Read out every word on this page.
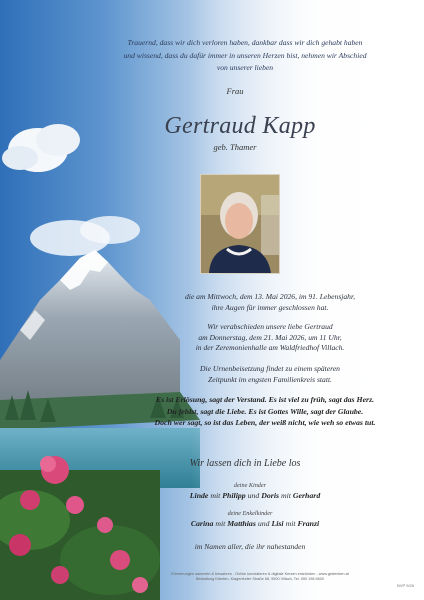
Trauernd, dass wir dich verloren haben, dankbar dass wir dich gehabt haben
und wissend, dass du dafür immer in unseren Herzen bist, nehmen wir Abschied
von unserer lieben
Frau
Gertraud Kapp
geb. Thamer
die am Mittwoch, dem 13. Mai 2026, im 91. Lebensjahr,
ihre Augen für immer geschlossen hat.
Wir verabschieden unsere liebe Gertraud
am Donnerstag, dem 21. Mai 2026, um 11 Uhr,
in der Zeremonienhalle am Waldfriedhof Villach.
Die Urnenbeisetzung findet zu einem späteren
Zeitpunkt im engsten Familienkreis statt.
Es ist Erlösung, sagt der Verstand. Es ist viel zu früh, sagt das Herz.
Du fehlst, sagt die Liebe. Es ist Gottes Wille, sagt der Glaube.
Doch wer sagt, so ist das Leben, der weiß nicht, wie weh so etwas tut.
Wir lassen dich in Liebe los
deine Kinder
Linde mit Philipp und Doris mit Gerhard
deine Enkelkinder
Carina mit Matthias und Lisi mit Franzi
im Namen aller, die ihr nahestanden
Erinnerungen sammeln & bewahren - Online kondolieren & digitale Kerzen entzünden - www.gedenken.at
Bestattung Kärnten, Klagenfurter Straße 68, 9500 Villach, Tel. 050 198 6600
BVP 9/26
